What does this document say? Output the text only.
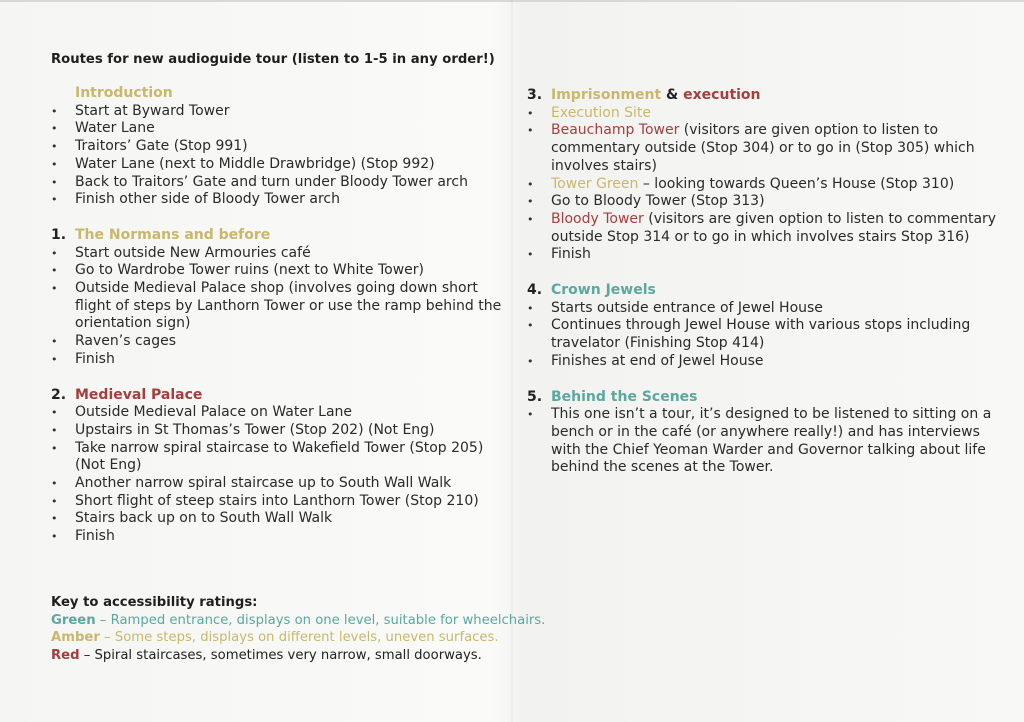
Routes for new audioguide tour (listen to 1-5 in any order!)
Introduction
•	Start at Byward Tower
•	Water Lane
•	Traitors’ Gate (Stop 991)
•	Water Lane (next to Middle Drawbridge) (Stop 992)
•	Back to Traitors’ Gate and turn under Bloody Tower arch
•	Finish other side of Bloody Tower arch
1. The Normans and before
•	Start outside New Armouries café
•	Go to Wardrobe Tower ruins (next to White Tower)
•	Outside Medieval Palace shop (involves going down short flight of steps by Lanthorn Tower or use the ramp behind the orientation sign)
•	Raven’s cages
•	Finish
2. Medieval Palace
•	Outside Medieval Palace on Water Lane
•	Upstairs in St Thomas’s Tower (Stop 202) (Not Eng)
•	Take narrow spiral staircase to Wakefield Tower (Stop 205) (Not Eng)
•	Another narrow spiral staircase up to South Wall Walk
•	Short flight of steep stairs into Lanthorn Tower (Stop 210)
•	Stairs back up on to South Wall Walk
•	Finish
3. Imprisonment & execution
•	Execution Site
•	Beauchamp Tower (visitors are given option to listen to commentary outside (Stop 304) or to go in (Stop 305) which involves stairs)
•	Tower Green – looking towards Queen’s House (Stop 310)
•	Go to Bloody Tower (Stop 313)
•	Bloody Tower (visitors are given option to listen to commentary outside Stop 314 or to go in which involves stairs Stop 316)
•	Finish
4. Crown Jewels
•	Starts outside entrance of Jewel House
•	Continues through Jewel House with various stops including travelator (Finishing Stop 414)
•	Finishes at end of Jewel House
5. Behind the Scenes
•	This one isn’t a tour, it’s designed to be listened to sitting on a bench or in the café (or anywhere really!) and has interviews with the Chief Yeoman Warder and Governor talking about life behind the scenes at the Tower.
Key to accessibility ratings:
Green – Ramped entrance, displays on one level, suitable for wheelchairs.
Amber – Some steps, displays on different levels, uneven surfaces.
Red – Spiral staircases, sometimes very narrow, small doorways.
